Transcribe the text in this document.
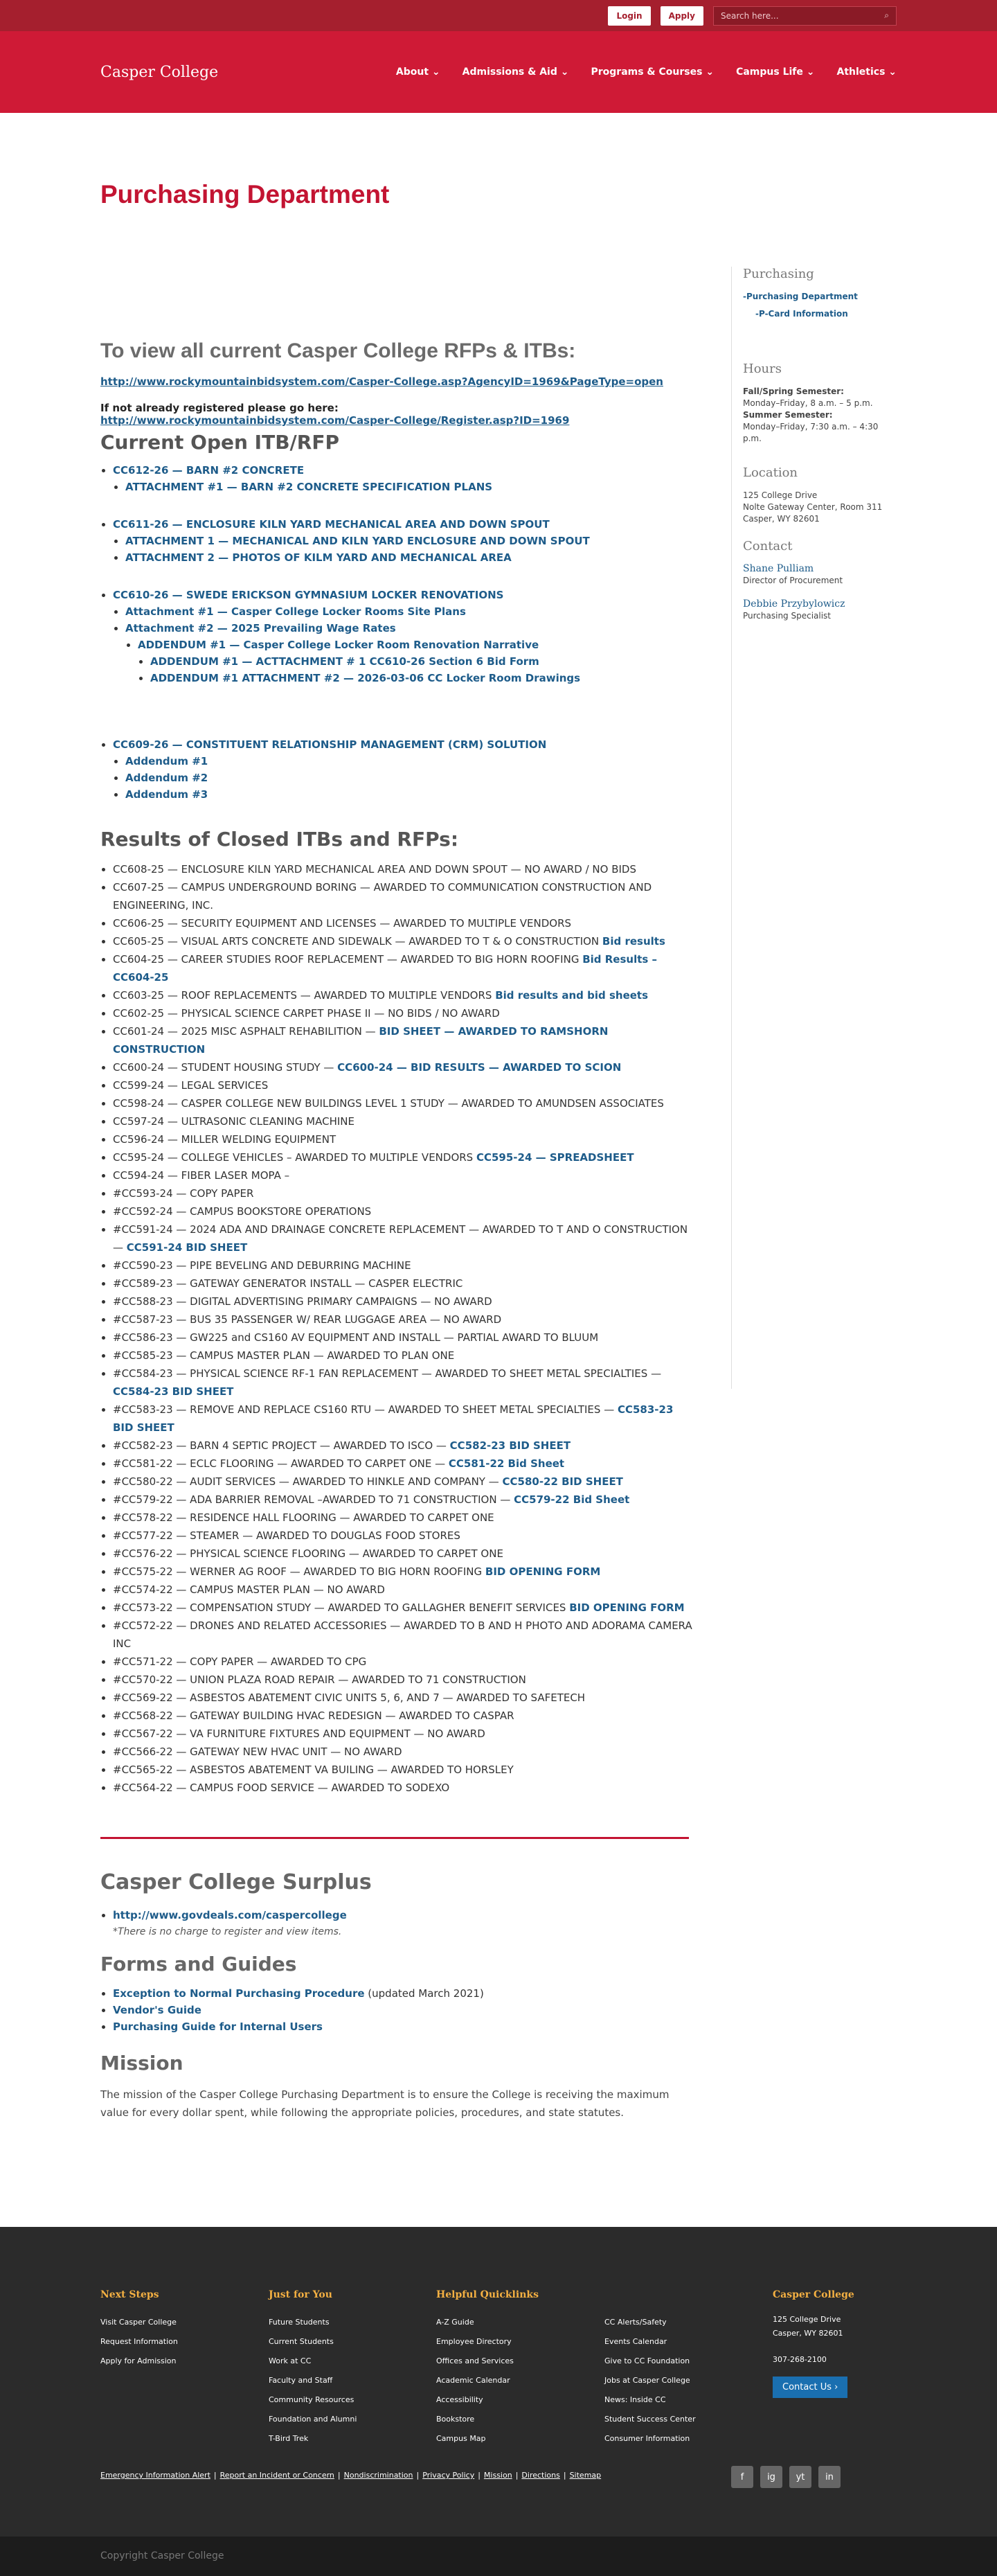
Login	Apply	Search here...	⌕
Casper College	About ⌄ Admissions & Aid ⌄ Programs & Courses ⌄ Campus Life ⌄ Athletics ⌄
Purchasing Department
To view all current Casper College RFPs & ITBs:
http://www.rockymountainbidsystem.com/Casper-College.asp?AgencyID=1969&PageType=open
If not already registered please go here:
http://www.rockymountainbidsystem.com/Casper-College/Register.asp?ID=1969
Current Open ITB/RFP
• CC612-26 — BARN #2 CONCRETE
• ATTACHMENT #1 — BARN #2 CONCRETE SPECIFICATION PLANS
• CC611-26 — ENCLOSURE KILN YARD MECHANICAL AREA AND DOWN SPOUT
• ATTACHMENT 1 — MECHANICAL AND KILN YARD ENCLOSURE AND DOWN SPOUT
• ATTACHMENT 2 — PHOTOS OF KILM YARD AND MECHANICAL AREA
• CC610-26 — SWEDE ERICKSON GYMNASIUM LOCKER RENOVATIONS
• Attachment #1 — Casper College Locker Rooms Site Plans
• Attachment #2 — 2025 Prevailing Wage Rates
• ADDENDUM #1 — Casper College Locker Room Renovation Narrative
• ADDENDUM #1 — ACTTACHMENT # 1 CC610-26 Section 6 Bid Form
• ADDENDUM #1 ATTACHMENT #2 — 2026-03-06 CC Locker Room Drawings
• CC609-26 — CONSTITUENT RELATIONSHIP MANAGEMENT (CRM) SOLUTION
• Addendum #1
• Addendum #2
• Addendum #3
Results of Closed ITBs and RFPs:
• CC608-25 — ENCLOSURE KILN YARD MECHANICAL AREA AND DOWN SPOUT — NO AWARD / NO BIDS
• CC607-25 — CAMPUS UNDERGROUND BORING — AWARDED TO COMMUNICATION CONSTRUCTION AND ENGINEERING, INC.
• CC606-25 — SECURITY EQUIPMENT AND LICENSES — AWARDED TO MULTIPLE VENDORS
• CC605-25 — VISUAL ARTS CONCRETE AND SIDEWALK — AWARDED TO T & O CONSTRUCTION Bid results
• CC604-25 — CAREER STUDIES ROOF REPLACEMENT — AWARDED TO BIG HORN ROOFING Bid Results – CC604-25
• CC603-25 — ROOF REPLACEMENTS — AWARDED TO MULTIPLE VENDORS Bid results and bid sheets
• CC602-25 — PHYSICAL SCIENCE CARPET PHASE II — NO BIDS / NO AWARD
• CC601-24 — 2025 MISC ASPHALT REHABILITION — BID SHEET — AWARDED TO RAMSHORN CONSTRUCTION
• CC600-24 — STUDENT HOUSING STUDY — CC600-24 — BID RESULTS — AWARDED TO SCION
• CC599-24 — LEGAL SERVICES
• CC598-24 — CASPER COLLEGE NEW BUILDINGS LEVEL 1 STUDY — AWARDED TO AMUNDSEN ASSOCIATES
• CC597-24 — ULTRASONIC CLEANING MACHINE
• CC596-24 — MILLER WELDING EQUIPMENT
• CC595-24 — COLLEGE VEHICLES – AWARDED TO MULTIPLE VENDORS CC595-24 — SPREADSHEET
• CC594-24 — FIBER LASER MOPA –
• #CC593-24 — COPY PAPER
• #CC592-24 — CAMPUS BOOKSTORE OPERATIONS
• #CC591-24 — 2024 ADA AND DRAINAGE CONCRETE REPLACEMENT — AWARDED TO T AND O CONSTRUCTION — CC591-24 BID SHEET
• #CC590-23 — PIPE BEVELING AND DEBURRING MACHINE
• #CC589-23 — GATEWAY GENERATOR INSTALL — CASPER ELECTRIC
• #CC588-23 — DIGITAL ADVERTISING PRIMARY CAMPAIGNS — NO AWARD
• #CC587-23 — BUS 35 PASSENGER W/ REAR LUGGAGE AREA — NO AWARD
• #CC586-23 — GW225 and CS160 AV EQUIPMENT AND INSTALL — PARTIAL AWARD TO BLUUM
• #CC585-23 — CAMPUS MASTER PLAN — AWARDED TO PLAN ONE
• #CC584-23 — PHYSICAL SCIENCE RF-1 FAN REPLACEMENT — AWARDED TO SHEET METAL SPECIALTIES — CC584-23 BID SHEET
• #CC583-23 — REMOVE AND REPLACE CS160 RTU — AWARDED TO SHEET METAL SPECIALTIES — CC583-23 BID SHEET
• #CC582-23 — BARN 4 SEPTIC PROJECT — AWARDED TO ISCO — CC582-23 BID SHEET
• #CC581-22 — ECLC FLOORING — AWARDED TO CARPET ONE — CC581-22 Bid Sheet
• #CC580-22 — AUDIT SERVICES — AWARDED TO HINKLE AND COMPANY — CC580-22 BID SHEET
• #CC579-22 — ADA BARRIER REMOVAL –AWARDED TO 71 CONSTRUCTION — CC579-22 Bid Sheet
• #CC578-22 — RESIDENCE HALL FLOORING — AWARDED TO CARPET ONE
• #CC577-22 — STEAMER — AWARDED TO DOUGLAS FOOD STORES
• #CC576-22 — PHYSICAL SCIENCE FLOORING — AWARDED TO CARPET ONE
• #CC575-22 — WERNER AG ROOF — AWARDED TO BIG HORN ROOFING BID OPENING FORM
• #CC574-22 — CAMPUS MASTER PLAN — NO AWARD
• #CC573-22 — COMPENSATION STUDY — AWARDED TO GALLAGHER BENEFIT SERVICES BID OPENING FORM
• #CC572-22 — DRONES AND RELATED ACCESSORIES — AWARDED TO B AND H PHOTO AND ADORAMA CAMERA INC
• #CC571-22 — COPY PAPER — AWARDED TO CPG
• #CC570-22 — UNION PLAZA ROAD REPAIR — AWARDED TO 71 CONSTRUCTION
• #CC569-22 — ASBESTOS ABATEMENT CIVIC UNITS 5, 6, AND 7 — AWARDED TO SAFETECH
• #CC568-22 — GATEWAY BUILDING HVAC REDESIGN — AWARDED TO CASPAR
• #CC567-22 — VA FURNITURE FIXTURES AND EQUIPMENT — NO AWARD
• #CC566-22 — GATEWAY NEW HVAC UNIT — NO AWARD
• #CC565-22 — ASBESTOS ABATEMENT VA BUILING — AWARDED TO HORSLEY
• #CC564-22 — CAMPUS FOOD SERVICE — AWARDED TO SODEXO
Casper College Surplus
• http://www.govdeals.com/caspercollege
*There is no charge to register and view items.
Forms and Guides
• Exception to Normal Purchasing Procedure (updated March 2021)
• Vendor's Guide
• Purchasing Guide for Internal Users
Mission

The mission of the Casper College Purchasing Department is to ensure the College is receiving the maximum value for every dollar spent, while following the appropriate policies, procedures, and state statutes.

Purchasing
-Purchasing Department
-P-Card Information
Hours
Fall/Spring Semester:
Monday–Friday, 8 a.m. – 5 p.m.
Summer Semester:
Monday–Friday, 7:30 a.m. – 4:30 p.m.
Location
125 College Drive
Nolte Gateway Center, Room 311
Casper, WY 82601
Contact
Shane Pulliam
Director of Procurement

Debbie Przybylowicz
Purchasing Specialist
Next Steps
Visit Casper College
Request Information
Apply for Admission
Just for You
Future Students
Current Students
Work at CC
Faculty and Staff
Community Resources
Foundation and Alumni
T-Bird Trek
Helpful Quicklinks
A-Z Guide
Employee Directory
Offices and Services
Academic Calendar
Accessibility
Bookstore
Campus Map
CC Alerts/Safety
Events Calendar
Give to CC Foundation
Jobs at Casper College
News: Inside CC
Student Success Center
Consumer Information
Casper College
125 College Drive
Casper, WY 82601
307-268-2100
Contact Us ›
Emergency Information Alert | Report an Incident or Concern | Nondiscrimination | Privacy Policy | Mission | Directions | Sitemap	f	ig	yt	in
Copyright Casper College
